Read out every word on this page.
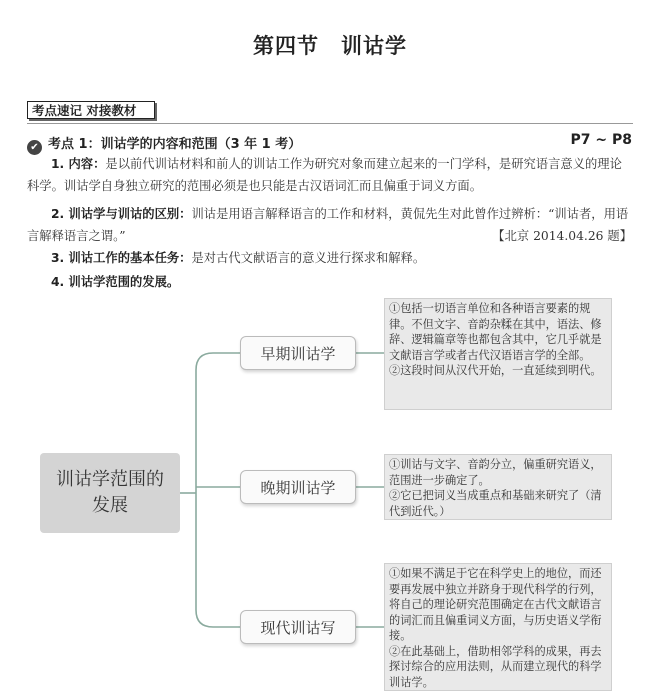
第四节 训诂学
考点速记 对接教材
✔ 考点 1：训诂学的内容和范围（3 年 1 考）	P7 ~ P8
1. 内容：是以前代训诂材料和前人的训诂工作为研究对象而建立起来的一门学科，是研究语言意义的理论科学。训诂学自身独立研究的范围必须是也只能是古汉语词汇而且偏重于词义方面。
2. 训诂学与训诂的区别：训诂是用语言解释语言的工作和材料，黄侃先生对此曾作过辨析：“训诂者，用语言解释语言之谓。”	【北京 2014.04.26 题】
3. 训诂工作的基本任务：是对古代文献语言的意义进行探求和解释。
4. 训诂学范围的发展。
训诂学范围的发展
早期训诂学
晚期训诂学
现代训诂写
①包括一切语言单位和各种语言要素的规律。不但文字、音韵杂糅在其中，语法、修辞、逻辑篇章等也都包含其中，它几乎就是文献语言学或者古代汉语语言学的全部。
②这段时间从汉代开始，一直延续到明代。
①训诂与文字、音韵分立，偏重研究语义，范围进一步确定了。
②它已把词义当成重点和基础来研究了（清代到近代。）
①如果不满足于它在科学史上的地位，而还要再发展中独立并跻身于现代科学的行列，将自己的理论研究范围确定在古代文献语言的词汇而且偏重词义方面，与历史语义学衔接。
②在此基础上，借助相邻学科的成果，再去探讨综合的应用法则，从而建立现代的科学训诂学。
